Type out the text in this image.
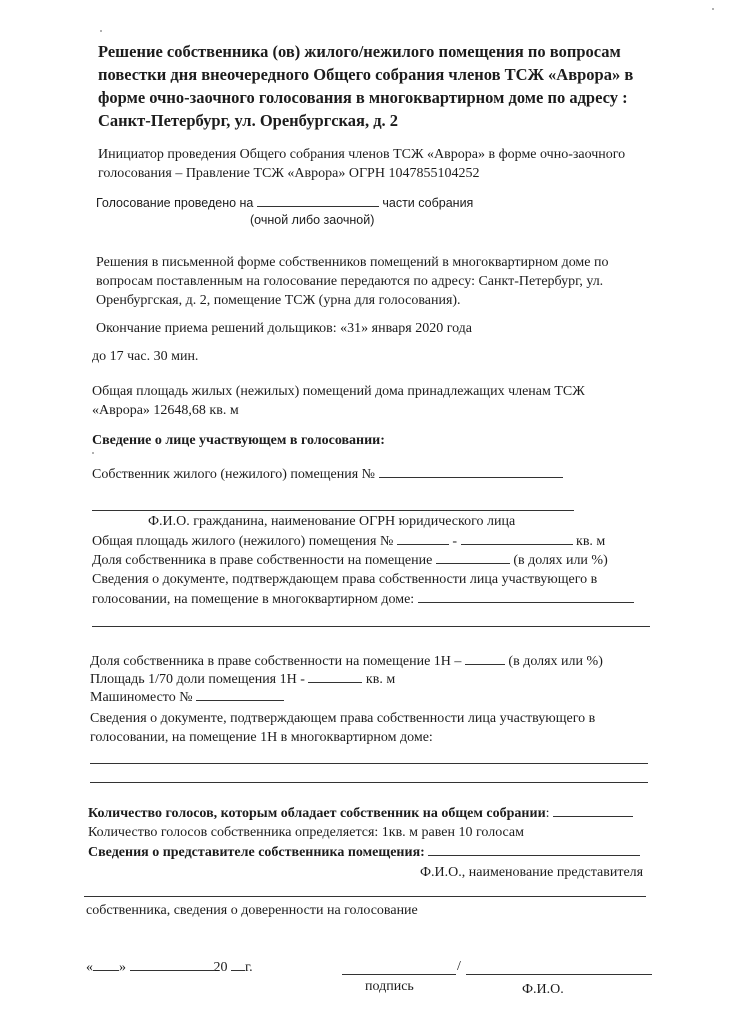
Решение собственника (ов) жилого/нежилого помещения по вопросам повестки дня внеочередного Общего собрания членов ТСЖ «Аврора» в форме очно-заочного голосования в многоквартирном доме по адресу : Санкт-Петербург, ул. Оренбургская, д. 2
Инициатор проведения Общего собрания членов ТСЖ «Аврора» в форме очно-заочного голосования – Правление ТСЖ «Аврора» ОГРН 1047855104252
Голосование проведено на	части собрания
(очной либо заочной)
Решения в письменной форме собственников помещений в многоквартирном доме по вопросам поставленным на голосование передаются по адресу: Санкт-Петербург, ул. Оренбургская, д. 2, помещение ТСЖ (урна для голосования).
Окончание приема решений дольщиков: «31» января 2020 года
до 17 час. 30 мин.
Общая площадь жилых (нежилых) помещений дома принадлежащих членам ТСЖ «Аврора» 12648,68 кв. м
Сведение о лице участвующем в голосовании:
Собственник жилого (нежилого) помещения №
Ф.И.О. гражданина, наименование ОГРН юридического лица
Общая площадь жилого (нежилого) помещения №	-	кв. м
Доля собственника в праве собственности на помещение	(в долях или %)
Сведения о документе, подтверждающем права собственности лица участвующего в
голосовании, на помещение в многоквартирном доме:
Доля собственника в праве собственности на помещение 1Н –	(в долях или %)
Площадь 1/70 доли помещения 1Н -	кв. м
Машиноместо №
Сведения о документе, подтверждающем права собственности лица участвующего в
голосовании, на помещение 1Н в многоквартирном доме:
Количество голосов, которым обладает собственник на общем собрании:
Количество голосов собственника определяется: 1кв. м равен 10 голосам
Сведения о представителе собственника помещения:
Ф.И.О., наименование представителя
собственника, сведения о доверенности на голосование
« »	20 г.	/
подпись	Ф.И.О.
